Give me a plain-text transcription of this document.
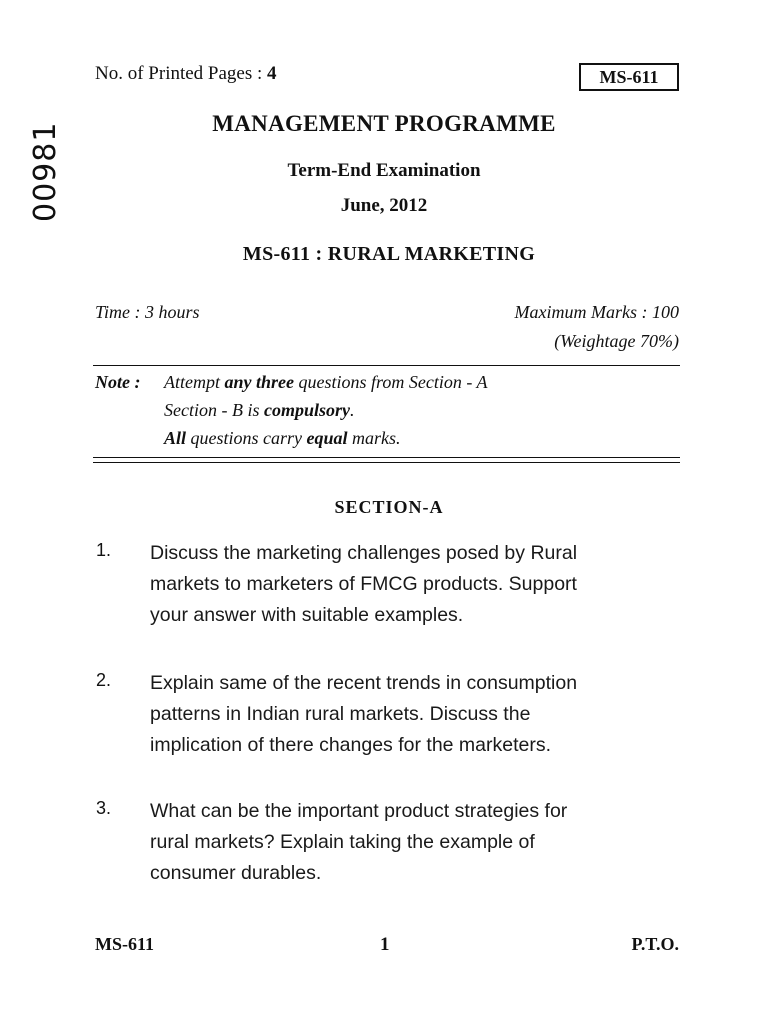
No. of Printed Pages : 4	MS-611
00981	MANAGEMENT PROGRAMME
Term-End Examination
June, 2012
MS-611 : RURAL MARKETING
Time : 3 hours	Maximum Marks : 100
(Weightage 70%)
Note : Attempt any three questions from Section - A
Section - B is compulsory.
All questions carry equal marks.
SECTION-A
1. Discuss the marketing challenges posed by Rural
markets to marketers of FMCG products. Support
your answer with suitable examples.
2. Explain same of the recent trends in consumption
patterns in Indian rural markets. Discuss the
implication of there changes for the marketers.
3. What can be the important product strategies for
rural markets? Explain taking the example of
consumer durables.
MS-611	1	P.T.O.
